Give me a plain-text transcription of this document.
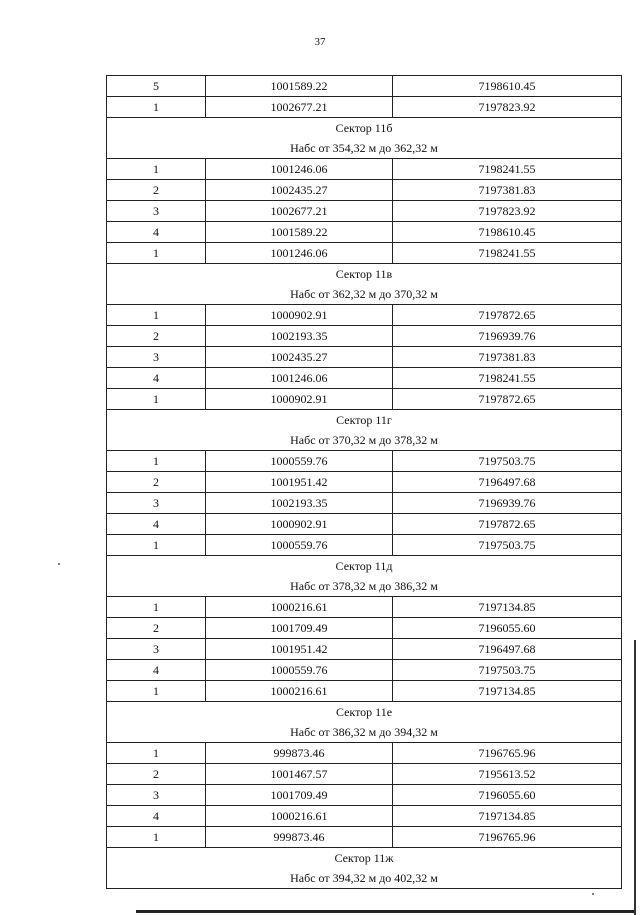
37
5	1001589.22	7198610.45
1	1002677.21	7197823.92

Сектор 11б
Набс от 354,32 м до 362,32 м		

1	1001246.06	7198241.55
2	1002435.27	7197381.83
3	1002677.21	7197823.92
4	1001589.22	7198610.45
1	1001246.06	7198241.55

Сектор 11в
Набс от 362,32 м до 370,32 м		

1	1000902.91	7197872.65
2	1002193.35	7196939.76
3	1002435.27	7197381.83
4	1001246.06	7198241.55
1	1000902.91	7197872.65

Сектор 11г
Набс от 370,32 м до 378,32 м		

1	1000559.76	7197503.75
2	1001951.42	7196497.68
3	1002193.35	7196939.76
4	1000902.91	7197872.65
1	1000559.76	7197503.75

Сектор 11д
Набс от 378,32 м до 386,32 м		

1	1000216.61	7197134.85
2	1001709.49	7196055.60
3	1001951.42	7196497.68
4	1000559.76	7197503.75
1	1000216.61	7197134.85

Сектор 11е
Набс от 386,32 м до 394,32 м		

1	999873.46	7196765.96
2	1001467.57	7195613.52
3	1001709.49	7196055.60
4	1000216.61	7197134.85
1	999873.46	7196765.96

Сектор 11ж
Набс от 394,32 м до 402,32 м		
